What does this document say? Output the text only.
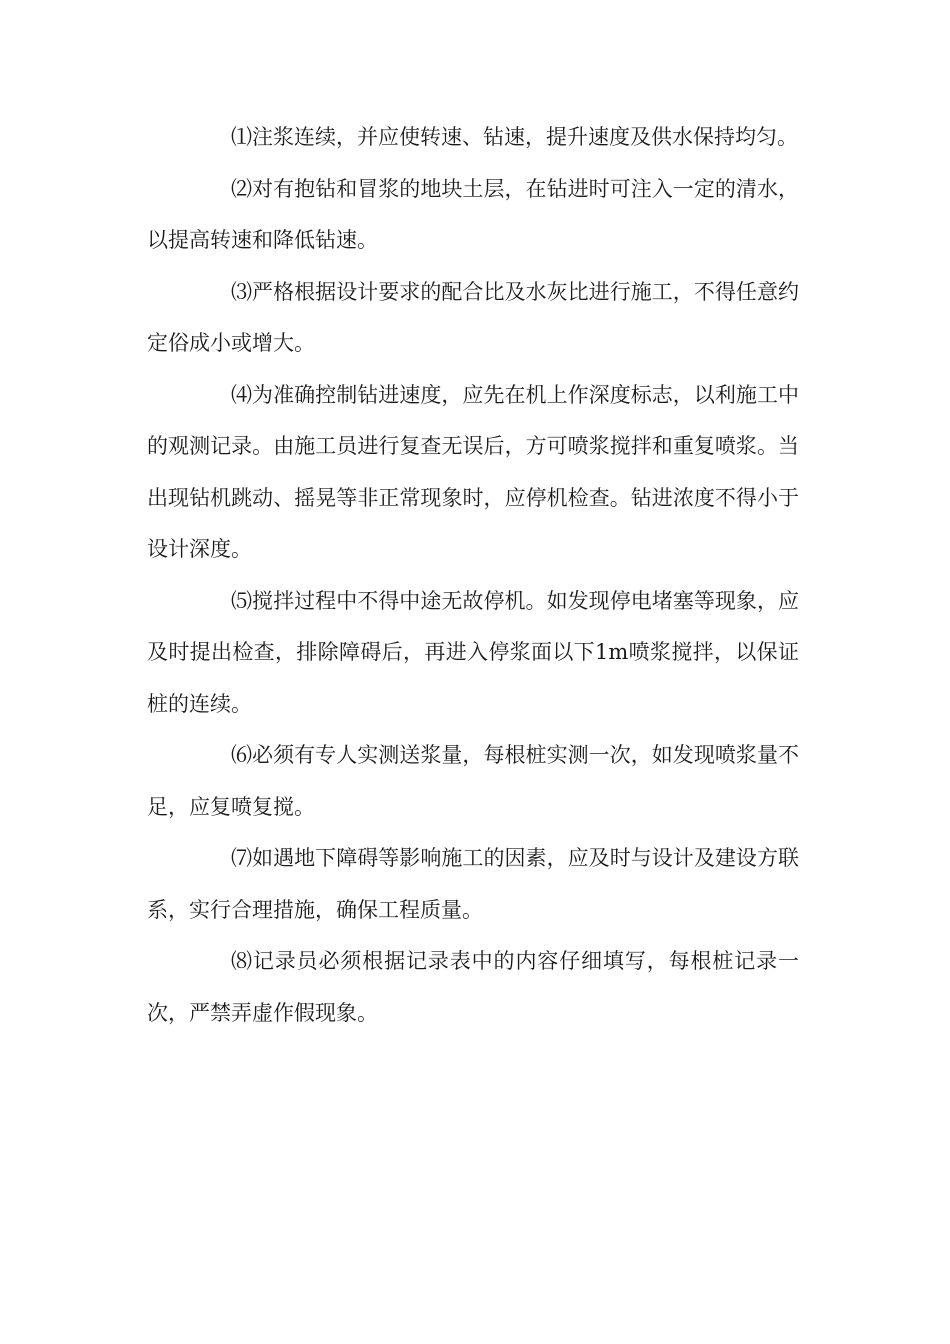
⑴注浆连续，并应使转速、钻速，提升速度及供水保持均匀。

⑵对有抱钻和冒浆的地块土层，在钻进时可注入一定的清水，以提高转速和降低钻速。

⑶严格根据设计要求的配合比及水灰比进行施工，不得任意约定俗成小或增大。

⑷为准确控制钻进速度，应先在机上作深度标志，以利施工中的观测记录。由施工员进行复查无误后，方可喷浆搅拌和重复喷浆。当出现钻机跳动、摇晃等非正常现象时，应停机检查。钻进浓度不得小于设计深度。

⑸搅拌过程中不得中途无故停机。如发现停电堵塞等现象，应及时提出检查，排除障碍后，再进入停浆面以下1m喷浆搅拌，以保证桩的连续。

⑹必须有专人实测送浆量，每根桩实测一次，如发现喷浆量不足，应复喷复搅。

⑺如遇地下障碍等影响施工的因素，应及时与设计及建设方联系，实行合理措施，确保工程质量。

⑻记录员必须根据记录表中的内容仔细填写，每根桩记录一次，严禁弄虚作假现象。
